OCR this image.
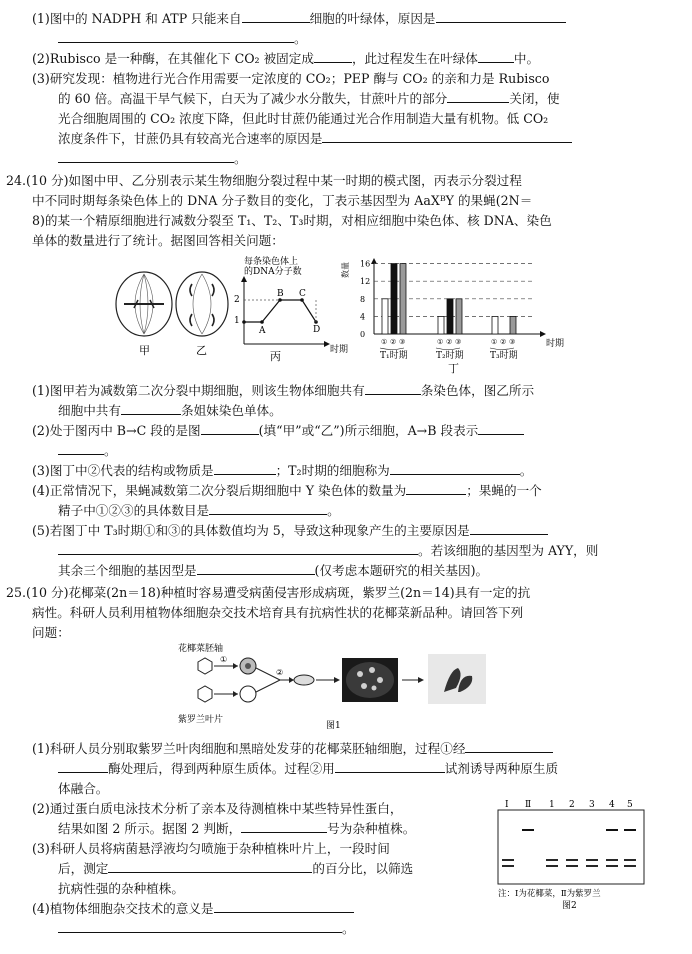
(1)图中的 NADPH 和 ATP 只能来自	细胞的叶绿体，原因是
。
(2)Rubisco 是一种酶，在其催化下 CO₂ 被固定成	，此过程发生在叶绿体	中。
(3)研究发现：植物进行光合作用需要一定浓度的 CO₂；PEP 酶与 CO₂ 的亲和力是 Rubisco
的 60 倍。高温干旱气候下，白天为了减少水分散失，甘蔗叶片的部分	关闭，使
光合细胞周围的 CO₂ 浓度下降，但此时甘蔗仍能通过光合作用制造大量有机物。低 CO₂
浓度条件下，甘蔗仍具有较高光合速率的原因是
。
24.(10 分)如图中甲、乙分别表示某生物细胞分裂过程中某一时期的模式图，丙表示分裂过程
中不同时期每条染色体上的 DNA 分子数目的变化，丁表示基因型为 AaXᴮY 的果蝇(2N＝
8)的某一个精原细胞进行减数分裂至 T₁、T₂、T₃时期，对相应细胞中染色体、核 DNA、染色
单体的数量进行了统计。据图回答相关问题：
甲	乙
每条染色体上
的DNA分子数
2
1
A
B C
D
时期
丙
数量
0
4
8
12
16
① ② ③
T₁时期
① ② ③
T₂时期
① ② ③
T₃时期
时期
丁
(1)图甲若为减数第二次分裂中期细胞，则该生物体细胞共有	条染色体，图乙所示
细胞中共有	条姐妹染色单体。
(2)处于图丙中 B→C 段的是图	(填“甲”或“乙”)所示细胞，A→B 段表示
。
(3)图丁中②代表的结构或物质是	；T₂时期的细胞称为	。
(4)正常情况下，果蝇减数第二次分裂后期细胞中 Y 染色体的数量为	；果蝇的一个
精子中①②③的具体数目是	。
(5)若图丁中 T₃时期①和③的具体数值均为 5，导致这种现象产生的主要原因是
。若该细胞的基因型为 AYY，则
其余三个细胞的基因型是	(仅考虑本题研究的相关基因)。
25.(10 分)花椰菜(2n＝18)种植时容易遭受病菌侵害形成病斑，紫罗兰(2n＝14)具有一定的抗
病性。科研人员利用植物体细胞杂交技术培育具有抗病性状的花椰菜新品种。请回答下列
问题：
花椰菜胚轴
①
②
紫罗兰叶片
图1
(1)科研人员分别取紫罗兰叶肉细胞和黑暗处发芽的花椰菜胚轴细胞，过程①经
酶处理后，得到两种原生质体。过程②用	试剂诱导两种原生质
体融合。
(2)通过蛋白质电泳技术分析了亲本及待测植株中某些特异性蛋白，
结果如图 2 所示。据图 2 判断，	号为杂种植株。
(3)科研人员将病菌悬浮液均匀喷施于杂种植株叶片上，一段时间
后，测定	的百分比，以筛选
抗病性强的杂种植株。
(4)植物体细胞杂交技术的意义是
。
Ⅰ Ⅱ 1 2 3 4 5
注：Ⅰ为花椰菜，Ⅱ为紫罗兰
图2
